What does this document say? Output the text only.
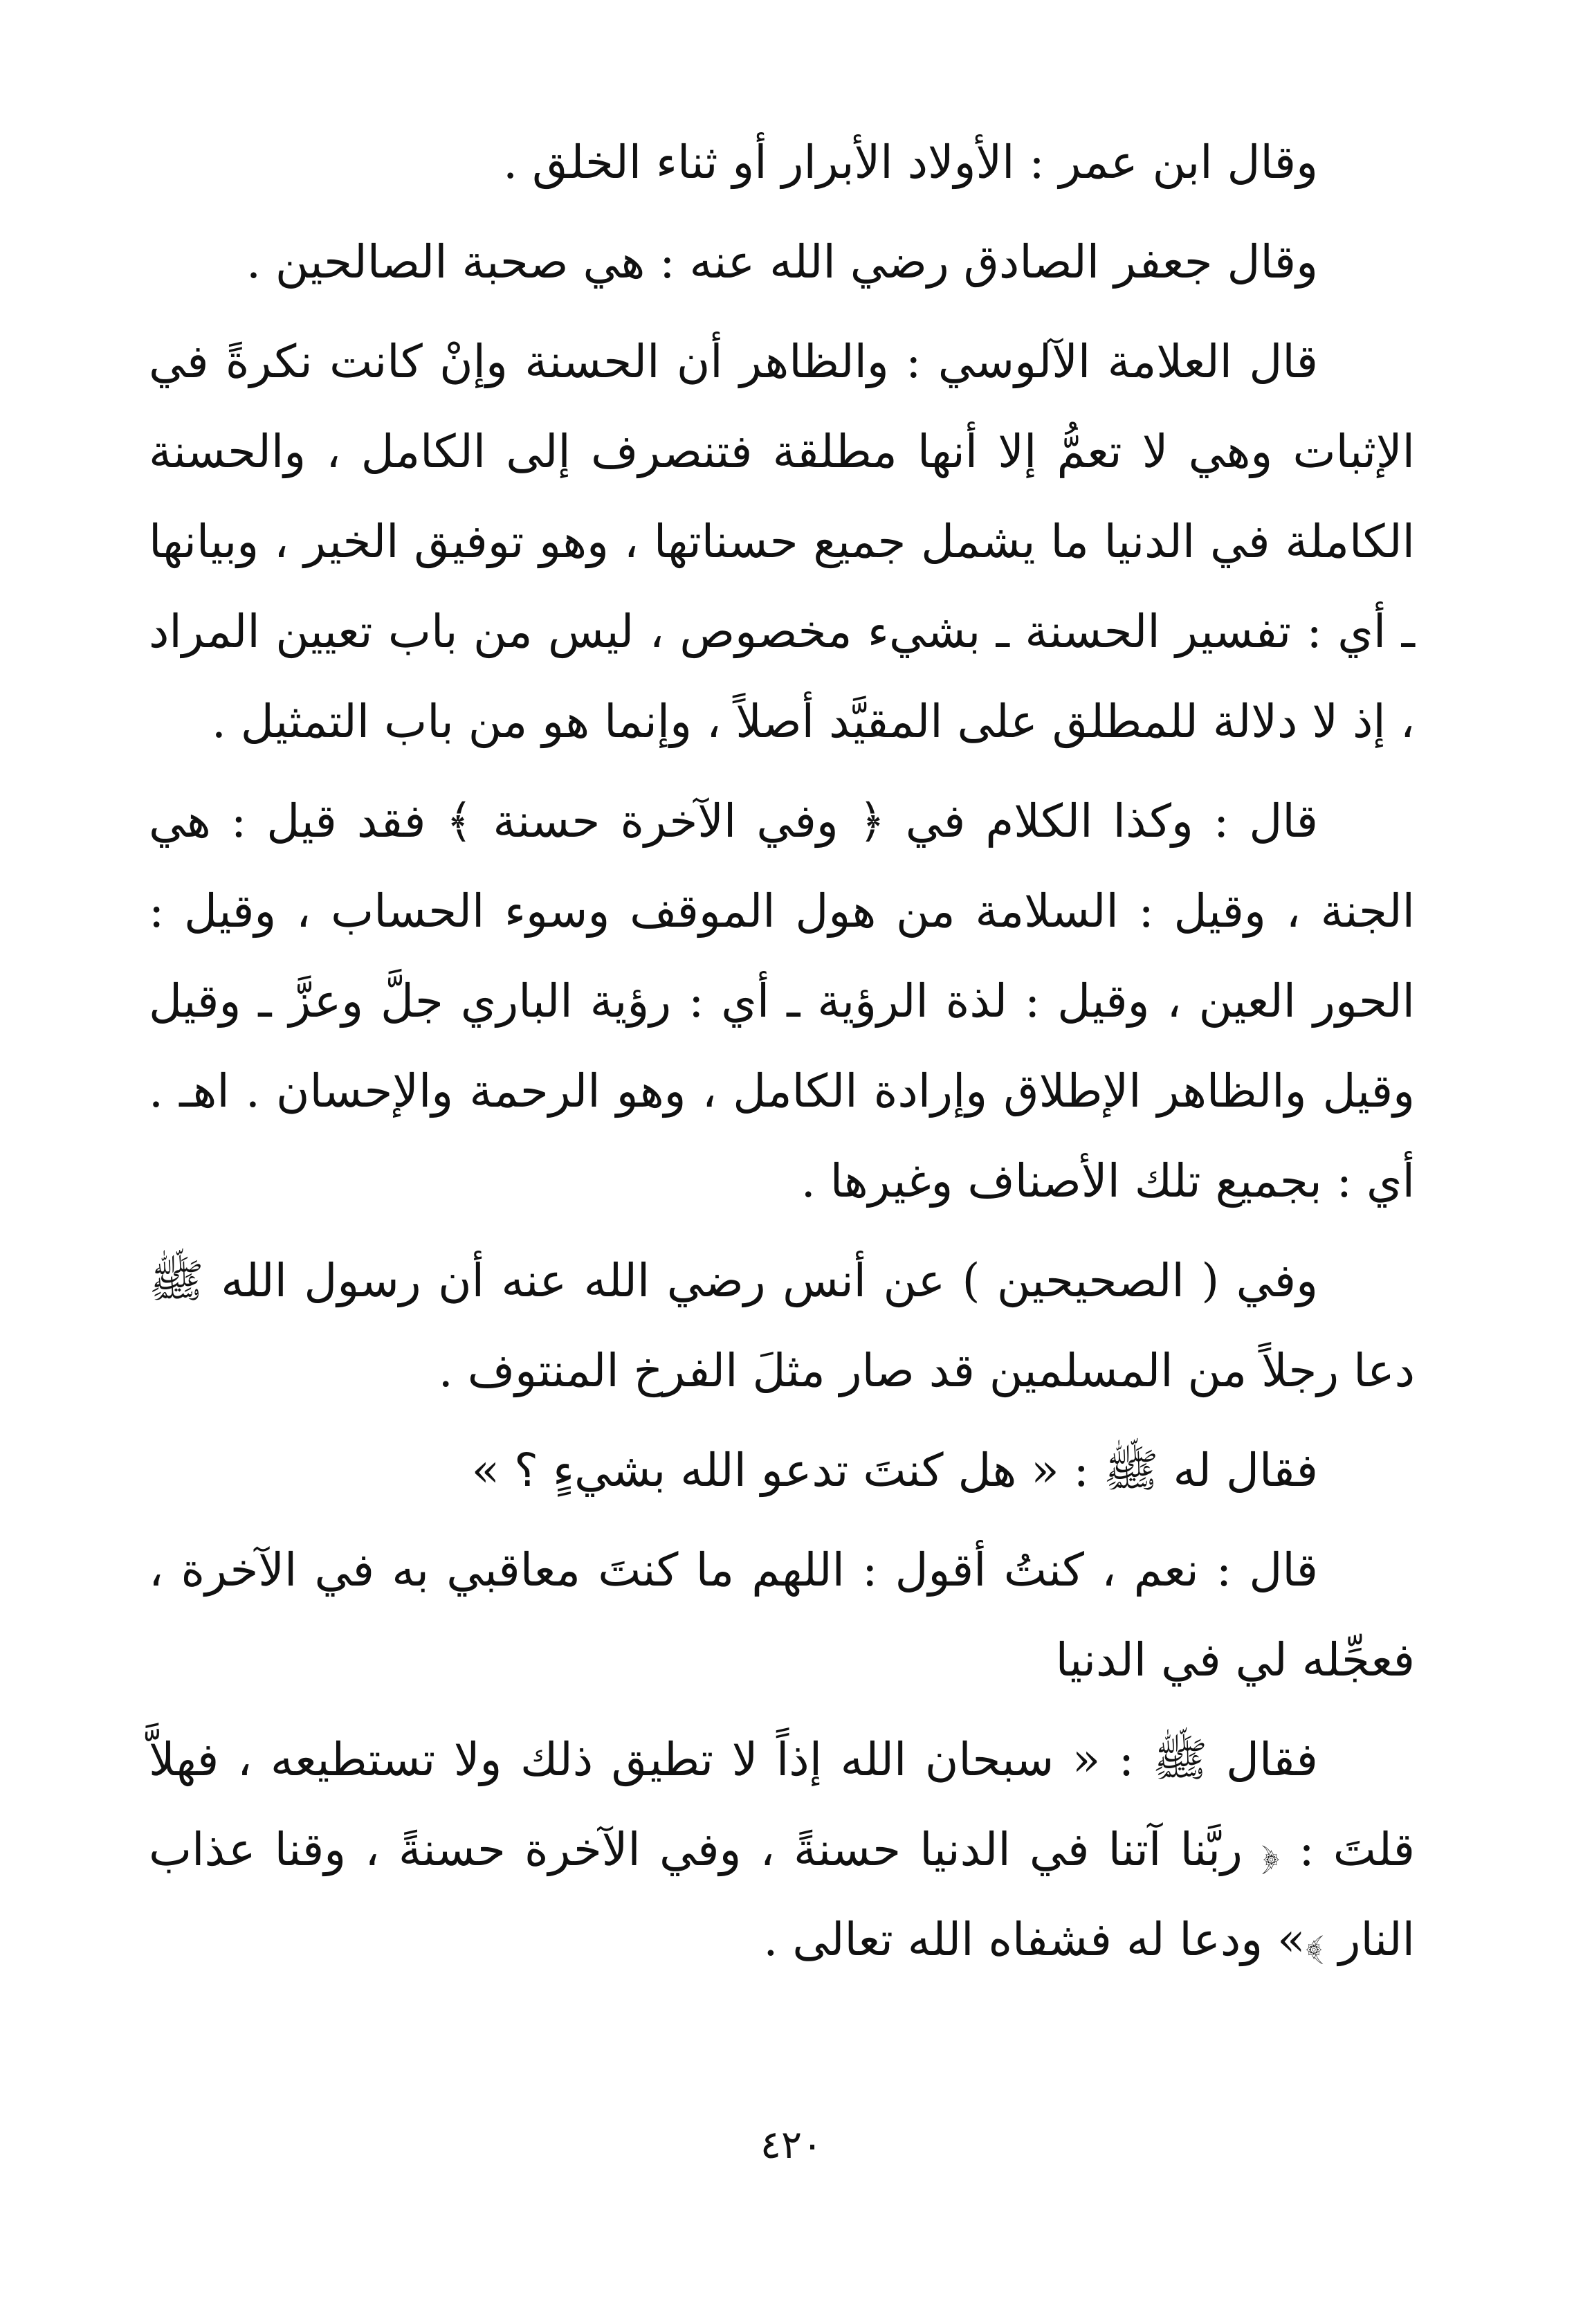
وقال ابن عمر : الأولاد الأبرار أو ثناء الخلق .

وقال جعفر الصادق رضي الله عنه : هي صحبة الصالحين .

قال العلامة الآلوسي : والظاهر أن الحسنة وإنْ كانت نكرةً في الإثبات وهي لا تعمُّ إلا أنها مطلقة فتنصرف إلى الكامل ، والحسنة الكاملة في الدنيا ما يشمل جميع حسناتها ، وهو توفيق الخير ، وبيانها ـ أي : تفسير الحسنة ـ بشيء مخصوص ، ليس من باب تعيين المراد ، إذ لا دلالة للمطلق على المقيَّد أصلاً ، وإنما هو من باب التمثيل .

قال : وكذا الكلام في ﴿ وفي الآخرة حسنة ﴾ فقد قيل : هي الجنة ، وقيل : السلامة من هول الموقف وسوء الحساب ، وقيل : الحور العين ، وقيل : لذة الرؤية ـ أي : رؤية الباري جلَّ وعزَّ ـ وقيل وقيل والظاهر الإطلاق وإرادة الكامل ، وهو الرحمة والإحسان . اهـ . أي : بجميع تلك الأصناف وغيرها .

وفي ( الصحيحين ) عن أنس رضي الله عنه أن رسول الله ﷺ دعا رجلاً من المسلمين قد صار مثلَ الفرخ المنتوف .

فقال له ﷺ : « هل كنتَ تدعو الله بشيءٍ ؟ »

قال : نعم ، كنتُ أقول : اللهم ما كنتَ معاقبي به في الآخرة ، فعجِّله لي في الدنيا

فقال ﷺ : « سبحان الله إذاً لا تطيق ذلك ولا تستطيعه ، فهلاَّ قلتَ : ﴿ ربَّنا آتنا في الدنيا حسنةً ، وفي الآخرة حسنةً ، وقنا عذاب النار ﴾» ودعا له فشفاه الله تعالى .

٤٢٠
